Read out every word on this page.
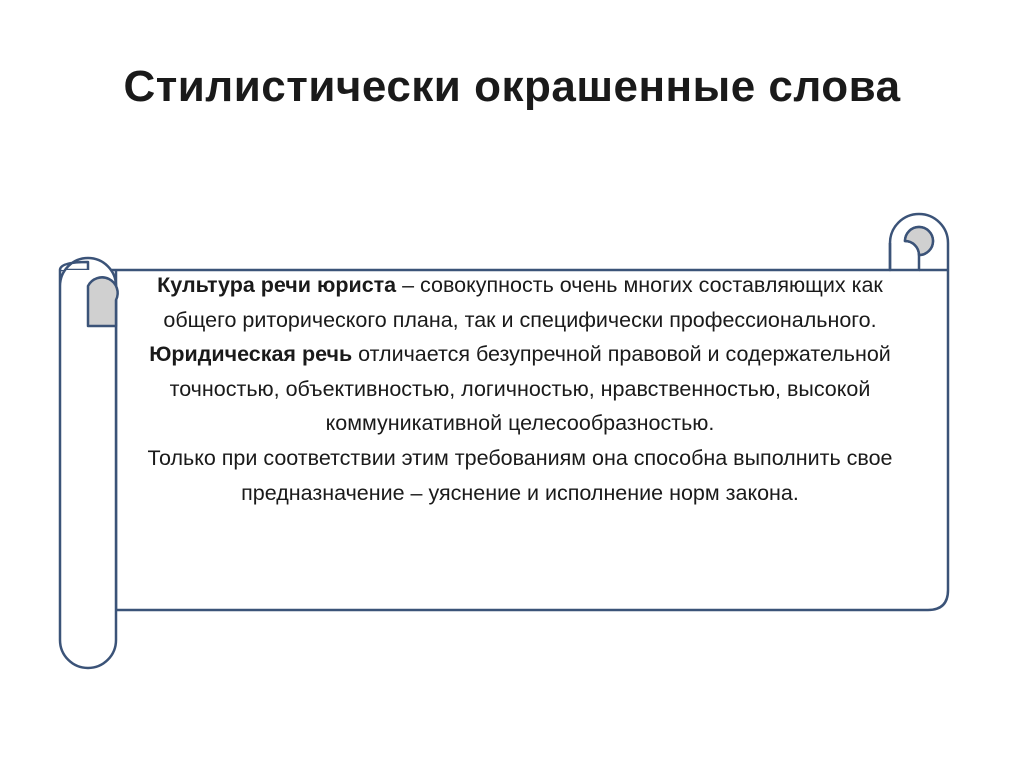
Стилистически окрашенные слова

Культура речи юриста – совокупность очень многих составляющих как общего риторического плана, так и специфически профессионального.

Юридическая речь отличается безупречной правовой и содержательной точностью, объективностью, логичностью, нравственностью, высокой коммуникативной целесообразностью.

Только при соответствии этим требованиям она способна выполнить свое предназначение – уяснение и исполнение норм закона.
